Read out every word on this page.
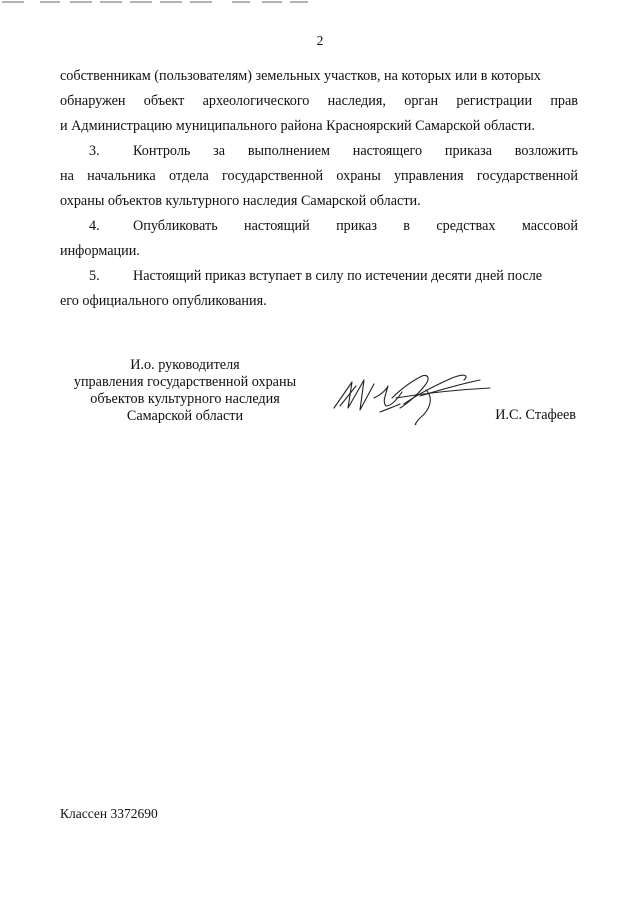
2

собственникам (пользователям) земельных участков, на которых или в которых

обнаружен объект археологического наследия, орган регистрации прав

и Администрацию муниципального района Красноярский Самарской области.

3.	Контроль за выполнением настоящего приказа возложить

на начальника отдела государственной охраны управления государственной

охраны объектов культурного наследия Самарской области.

4.	Опубликовать настоящий приказ в средствах массовой

информации.

5.	Настоящий приказ вступает в силу по истечении десяти дней после

его официального опубликования.

И.о. руководителя
управления государственной охраны
объектов культурного наследия
Самарской области	И.С. Стафеев
Классен 3372690
